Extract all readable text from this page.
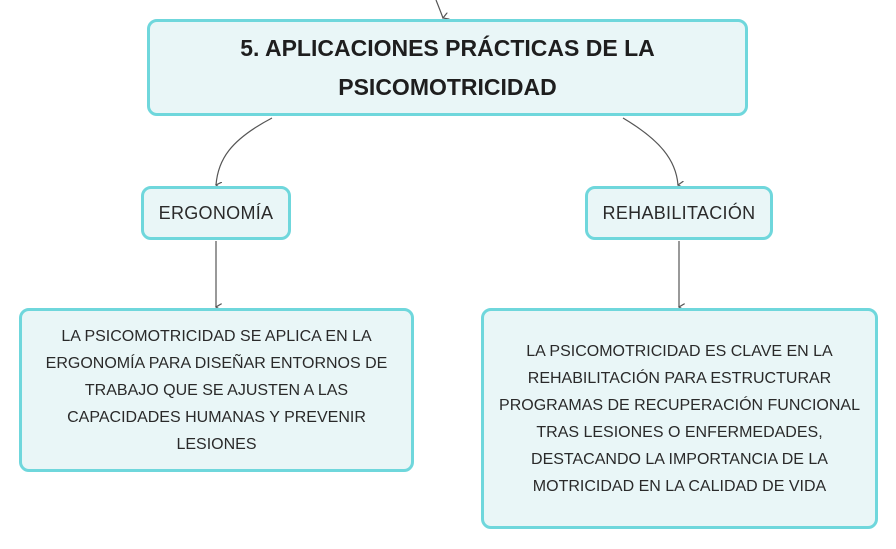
5. APLICACIONES PRÁCTICAS DE LA PSICOMOTRICIDAD
ERGONOMÍA	REHABILITACIÓN
LA PSICOMOTRICIDAD SE APLICA EN LA ERGONOMÍA PARA DISEÑAR ENTORNOS DE TRABAJO QUE SE AJUSTEN A LAS CAPACIDADES HUMANAS Y PREVENIR LESIONES
LA PSICOMOTRICIDAD ES CLAVE EN LA REHABILITACIÓN PARA ESTRUCTURAR PROGRAMAS DE RECUPERACIÓN FUNCIONAL TRAS LESIONES O ENFERMEDADES, DESTACANDO LA IMPORTANCIA DE LA MOTRICIDAD EN LA CALIDAD DE VIDA
